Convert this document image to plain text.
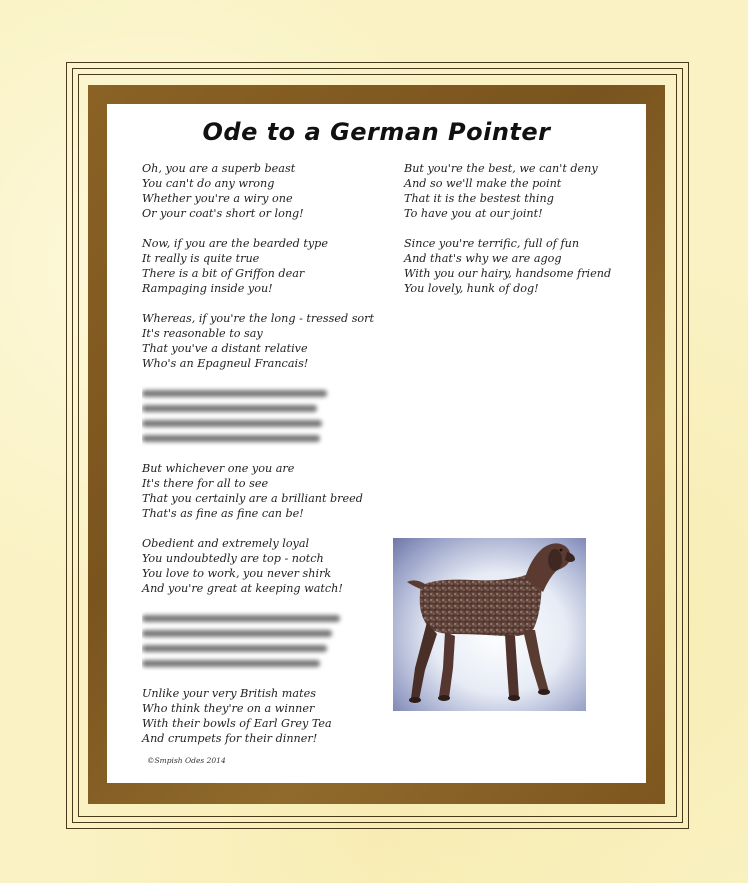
Ode to a German Pointer
Oh, you are a superb beast
You can't do any wrong
Whether you're a wiry one
Or your coat's short or long!
Now, if you are the bearded type
It really is quite true
There is a bit of Griffon dear
Rampaging inside you!
Whereas, if you're the long - tressed sort
It's reasonable to say
That you've a distant relative
Who's an Epagneul Francais!
But whichever one you are
It's there for all to see
That you certainly are a brilliant breed
That's as fine as fine can be!
Obedient and extremely loyal
You undoubtedly are top - notch
You love to work, you never shirk
And you're great at keeping watch!
Unlike your very British mates
Who think they're on a winner
With their bowls of Earl Grey Tea
And crumpets for their dinner!
But you're the best, we can't deny
And so we'll make the point
That it is the bestest thing
To have you at our joint!
Since you're terrific, full of fun
And that's why we are agog
With you our hairy, handsome friend
You lovely, hunk of dog!
©Smpish Odes 2014
